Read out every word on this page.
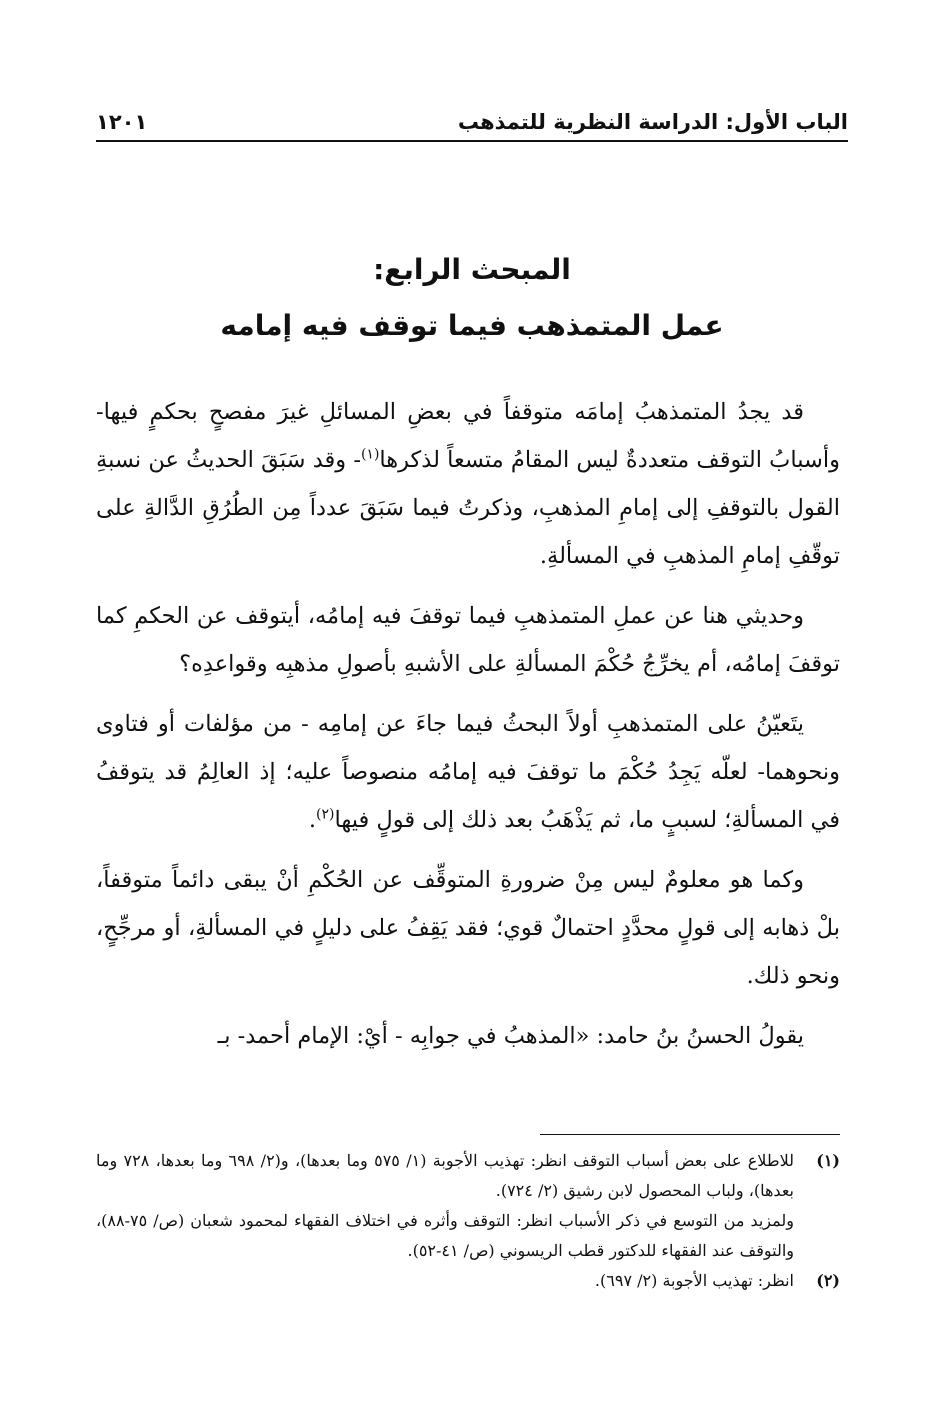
الباب الأول: الدراسة النظرية للتمذهب
١٢٠١
المبحث الرابع:
عمل المتمذهب فيما توقف فيه إمامه

قد يجدُ المتمذهبُ إمامَه متوقفاً في بعضِ المسائلِ غيرَ مفصحٍ بحكمٍ فيها- وأسبابُ التوقف متعددةٌ ليس المقامُ متسعاً لذكرها$^{(١)}$- وقد سَبَقَ الحديثُ عن نسبةِ القول بالتوقفِ إلى إمامِ المذهبِ، وذكرتُ فيما سَبَقَ عدداً مِن الطُرُقِ الدَّالةِ على توقّفِ إمامِ المذهبِ في المسألةِ.

وحديثي هنا عن عملِ المتمذهبِ فيما توقفَ فيه إمامُه، أيتوقف عن الحكمِ كما توقفَ إمامُه، أم يخرِّجُ حُكْمَ المسألةِ على الأشبهِ بأصولِ مذهبِه وقواعدِه؟

يتَعيّنُ على المتمذهبِ أولاً البحثُ فيما جاءَ عن إمامِه - من مؤلفات أو فتاوى ونحوهما- لعلّه يَجِدُ حُكْمَ ما توقفَ فيه إمامُه منصوصاً عليه؛ إذ العالِمُ قد يتوقفُ في المسألةِ؛ لسببٍ ما، ثم يَذْهَبُ بعد ذلك إلى قولٍ فيها$^{(٢)}$.

وكما هو معلومٌ ليس مِنْ ضرورةِ المتوقِّف عن الحُكْمِ أنْ يبقى دائماً متوقفاً، بلْ ذهابه إلى قولٍ محدَّدٍ احتمالٌ قوي؛ فقد يَقِفُ على دليلٍ في المسألةِ، أو مرجِّحٍ، ونحو ذلك.

يقولُ الحسنُ بنُ حامد: «المذهبُ في جوابِه - أيْ: الإمام أحمد- بـ

(١)
للاطلاع على بعض أسباب التوقف انظر: تهذيب الأجوبة (١/ ٥٧٥ وما بعدها)، و(٢/ ٦٩٨ وما بعدها، ٧٢٨ وما بعدها)، ولباب المحصول لابن رشيق (٢/ ٧٢٤).
ولمزيد من التوسع في ذكر الأسباب انظر: التوقف وأثره في اختلاف الفقهاء لمحمود شعبان (ص/ ٧٥-٨٨)، والتوقف عند الفقهاء للدكتور قطب الريسوني (ص/ ٤١-٥٢).
(٢)
انظر: تهذيب الأجوبة (٢/ ٦٩٧).
